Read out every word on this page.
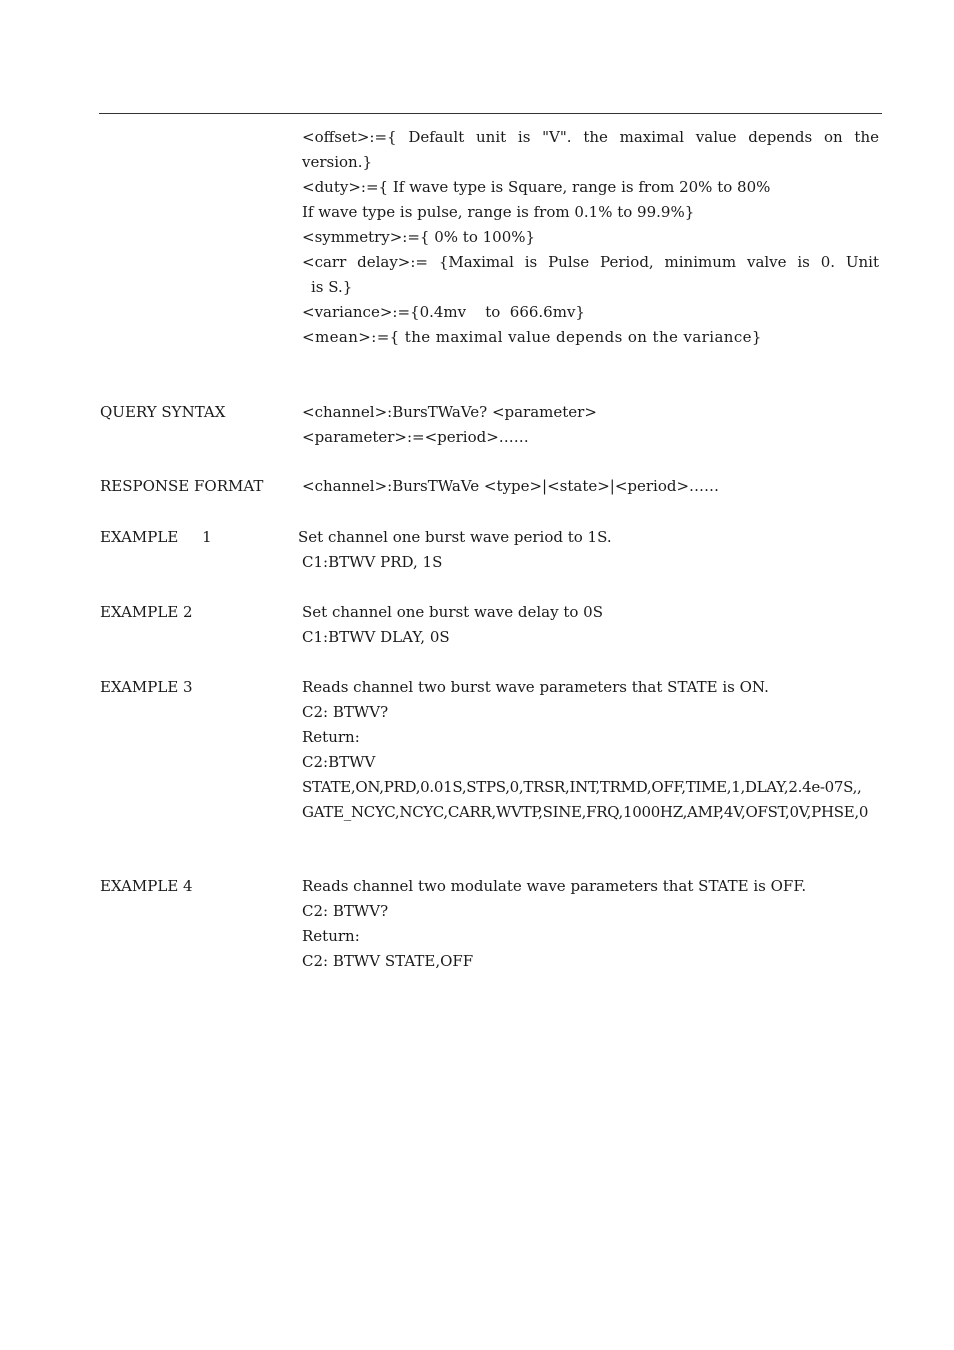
<offset>:={ Default unit is "V". the maximal value depends on the
version.}
<duty>:={ If wave type is Square, range is from 20% to 80%
If wave type is pulse, range is from 0.1% to 99.9%}
<symmetry>:={ 0% to 100%}
<carr delay>:= {Maximal is Pulse Period, minimum valve is 0. Unit
is S.}
<variance>:={0.4mv    to  666.6mv}
<mean>:={ the maximal value depends on the variance}
QUERY SYNTAX	<channel>:BursTWaVe? <parameter>
<parameter>:=<period>……
RESPONSE FORMAT	<channel>:BursTWaVe <type>|<state>|<period>……
EXAMPLE     1	Set channel one burst wave period to 1S.
C1:BTWV PRD, 1S
EXAMPLE 2	Set channel one burst wave delay to 0S
C1:BTWV DLAY, 0S
EXAMPLE 3	Reads channel two burst wave parameters that STATE is ON.
C2: BTWV?
Return:
C2:BTWV
STATE,ON,PRD,0.01S,STPS,0,TRSR,INT,TRMD,OFF,TIME,1,DLAY,2.4e-07S,,
GATE_NCYC,NCYC,CARR,WVTP,SINE,FRQ,1000HZ,AMP,4V,OFST,0V,PHSE,0
EXAMPLE 4	Reads channel two modulate wave parameters that STATE is OFF.
C2: BTWV?
Return:
C2: BTWV STATE,OFF
